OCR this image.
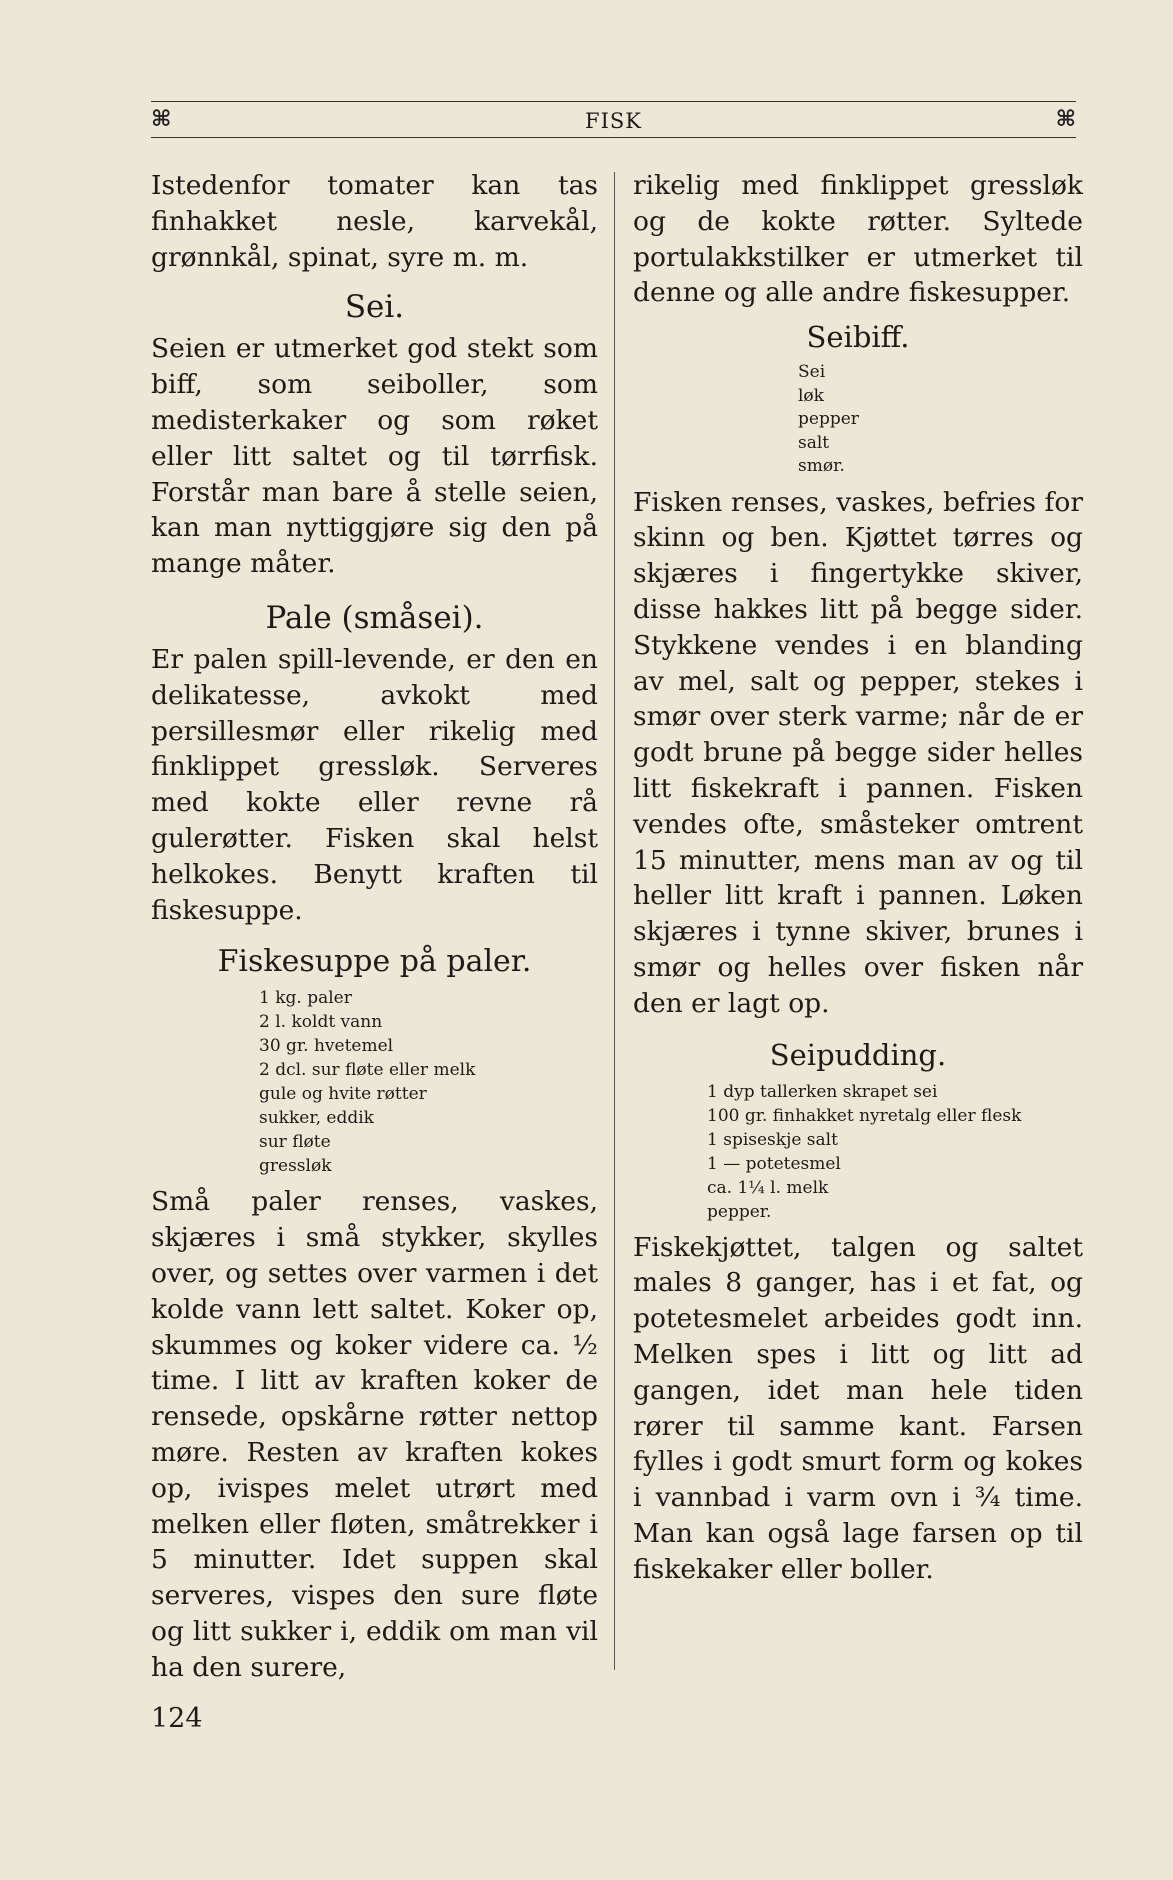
⌘	FISK	⌘

Istedenfor tomater kan tas finhakket nesle, karvekål, grønnkål, spinat, syre m. m.

Sei.

Seien er utmerket god stekt som biff, som seiboller, som medisterkaker og som røket eller litt saltet og til tørrfisk. Forstår man bare å stelle seien, kan man nyttiggjøre sig den på mange måter.

Pale (småsei).

Er palen spill-levende, er den en delikatesse, avkokt med persillesmør eller rikelig med finklippet gressløk. Serveres med kokte eller revne rå gulerøtter. Fisken skal helst helkokes. Benytt kraften til fiskesuppe.

Fiskesuppe på paler.
1 kg. paler
2 l. koldt vann
30 gr. hvetemel
2 dcl. sur fløte eller melk
gule og hvite røtter
sukker, eddik
sur fløte
gressløk

Små paler renses, vaskes, skjæres i små stykker, skylles over, og settes over varmen i det kolde vann lett saltet. Koker op, skummes og koker videre ca. ½ time. I litt av kraften koker de rensede, opskårne røtter nettop møre. Resten av kraften kokes op, ivispes melet utrørt med melken eller fløten, småtrekker i 5 minutter. Idet suppen skal serveres, vispes den sure fløte og litt sukker i, eddik om man vil ha den surere,

rikelig med finklippet gressløk og de kokte røtter. Syltede portulakkstilker er utmerket til denne og alle andre fiskesupper.

Seibiff.
Sei
løk
pepper
salt
smør.

Fisken renses, vaskes, befries for skinn og ben. Kjøttet tørres og skjæres i fingertykke skiver, disse hakkes litt på begge sider. Stykkene vendes i en blanding av mel, salt og pepper, stekes i smør over sterk varme; når de er godt brune på begge sider helles litt fiskekraft i pannen. Fisken vendes ofte, småsteker omtrent 15 minutter, mens man av og til heller litt kraft i pannen. Løken skjæres i tynne skiver, brunes i smør og helles over fisken når den er lagt op.

Seipudding.
1 dyp tallerken skrapet sei
100 gr. finhakket nyretalg eller flesk
1 spiseskje salt
1 — potetesmel
ca. 1¼ l. melk
pepper.

Fiskekjøttet, talgen og saltet males 8 ganger, has i et fat, og potetesmelet arbeides godt inn. Melken spes i litt og litt ad gangen, idet man hele tiden rører til samme kant. Farsen fylles i godt smurt form og kokes i vannbad i varm ovn i ¾ time. Man kan også lage farsen op til fiskekaker eller boller.

124
